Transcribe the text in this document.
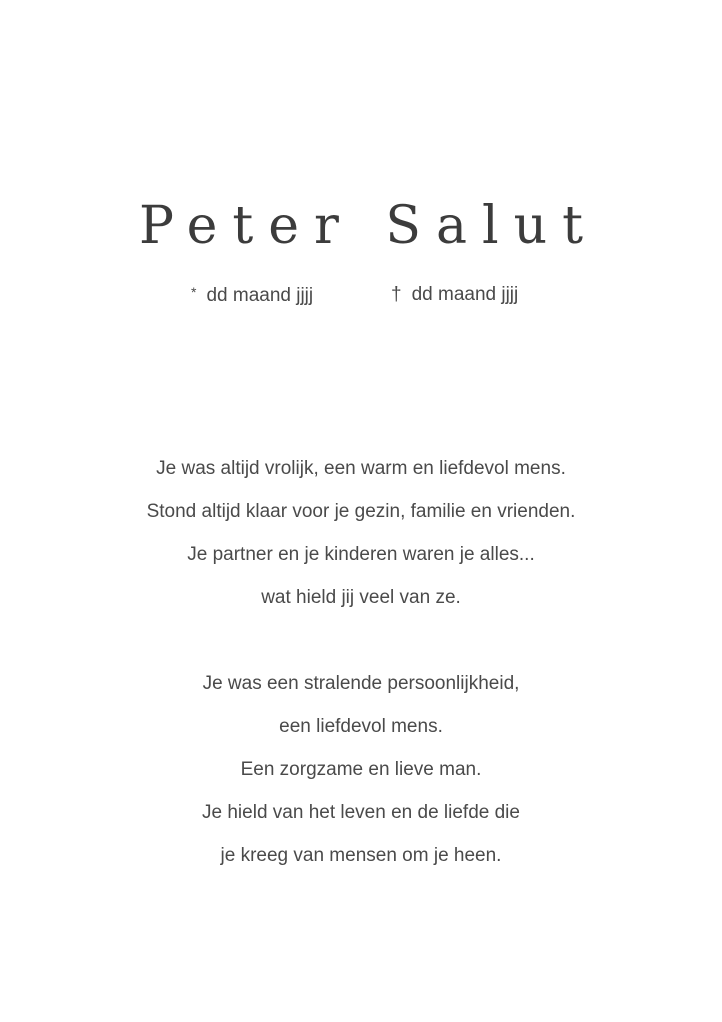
Peter Salut
* dd maand jjjj	† dd maand jjjj

Je was altijd vrolijk, een warm en liefdevol mens.
Stond altijd klaar voor je gezin, familie en vrienden.
Je partner en je kinderen waren je alles...
wat hield jij veel van ze.

Je was een stralende persoonlijkheid,
een liefdevol mens.
Een zorgzame en lieve man.
Je hield van het leven en de liefde die
je kreeg van mensen om je heen.
